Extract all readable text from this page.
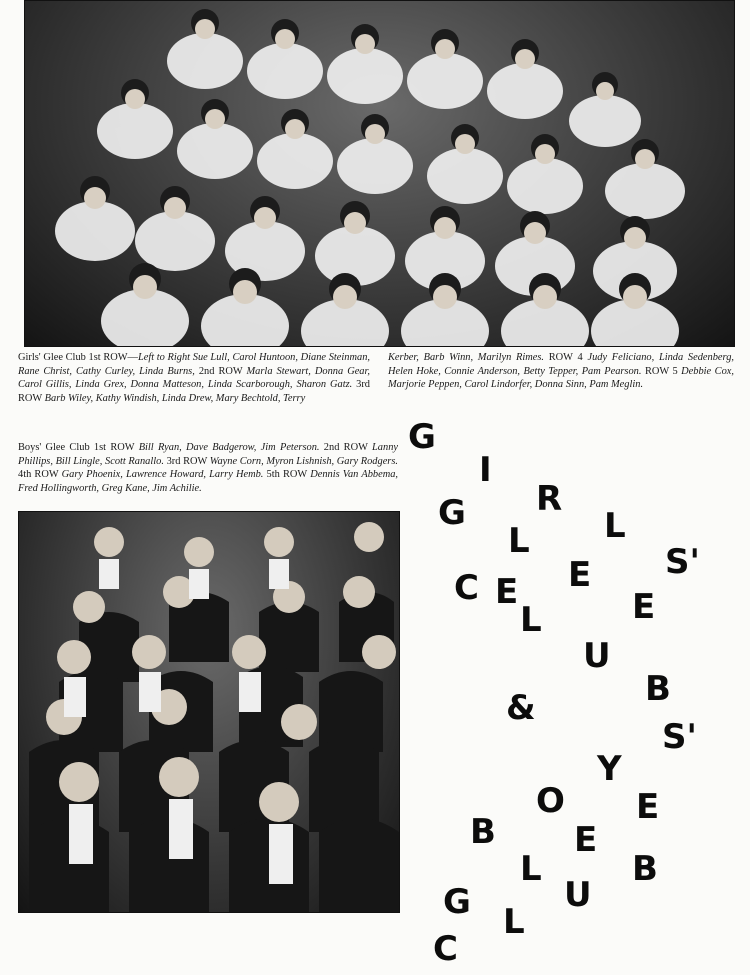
Girls' Glee Club 1st ROW—Left to Right Sue Lull, Carol Huntoon, Diane Steinman, Rane Christ, Cathy Curley, Linda Burns, 2nd ROW Marla Stewart, Donna Gear, Carol Gillis, Linda Grex, Donna Matteson, Linda Scarborough, Sharon Gatz. 3rd ROW Barb Wiley, Kathy Windish, Linda Drew, Mary Bechtold, Terry
Kerber, Barb Winn, Marilyn Rimes. ROW 4 Judy Feliciano, Linda Sedenberg, Helen Hoke, Connie Anderson, Betty Tepper, Pam Pearson. ROW 5 Debbie Cox, Marjorie Peppen, Carol Lindorfer, Donna Sinn, Pam Meglin.
Boys' Glee Club 1st ROW Bill Ryan, Dave Badgerow, Jim Peterson. 2nd ROW Lanny Phillips, Bill Lingle, Scott Ranallo. 3rd ROW Wayne Corn, Myron Lishnish, Gary Rodgers. 4th ROW Gary Phoenix, Lawrence Howard, Larry Hemb. 5th ROW Dennis Van Abbema, Fred Hollingworth, Greg Kane, Jim Achilie.
G
I
R
G	L
L
E S'
C
L	E
E
U
&	B
S'
Y
O E
B E
L	B
G	U
L
C
